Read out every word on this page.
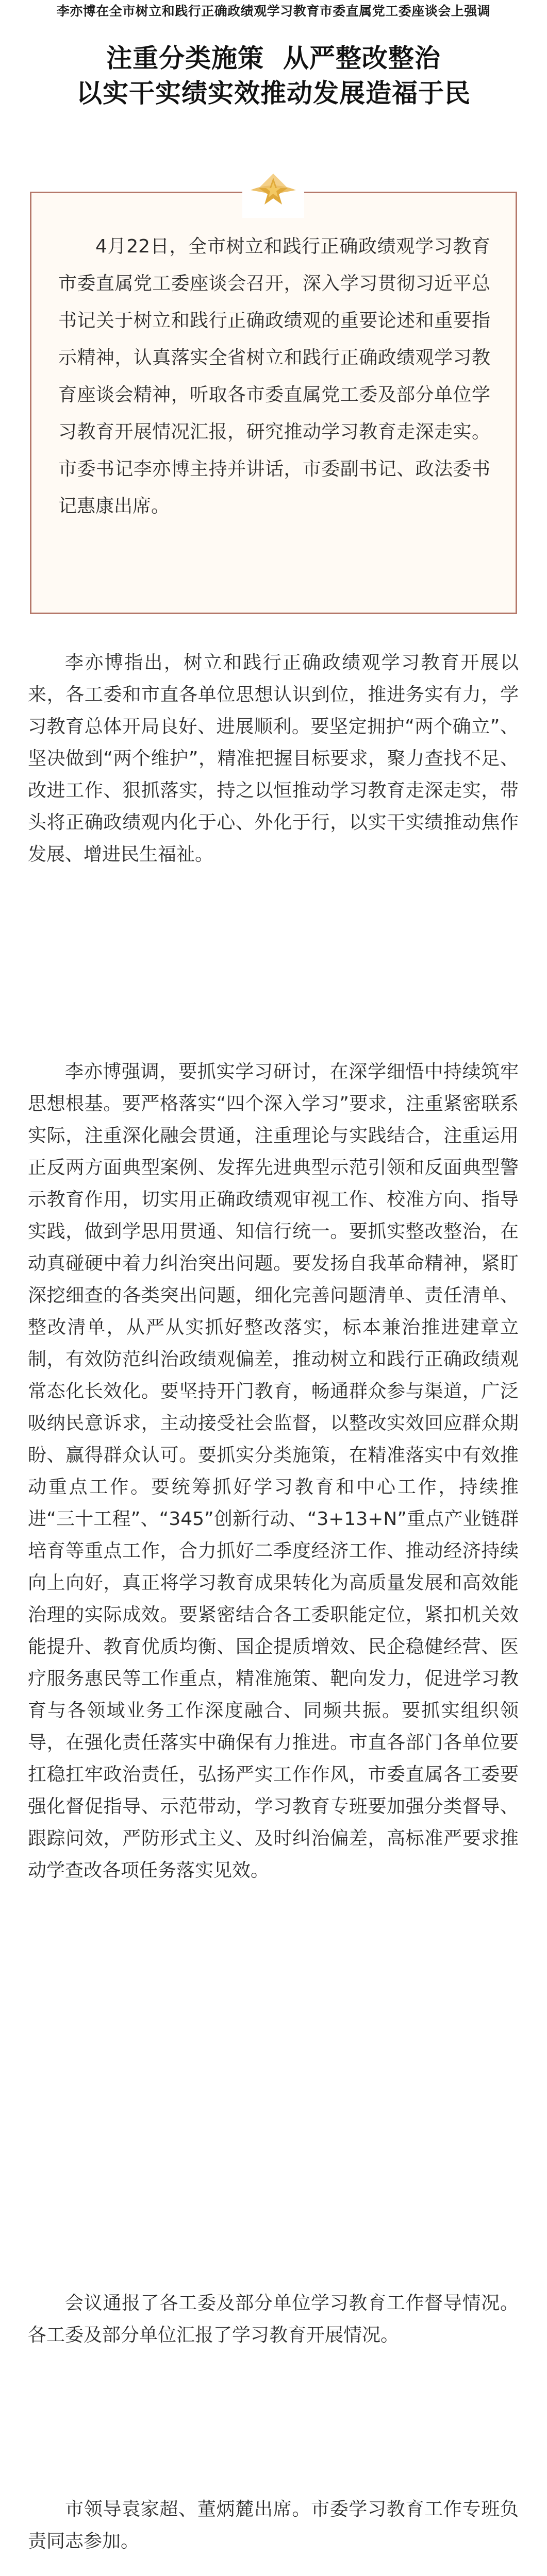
李亦博在全市树立和践行正确政绩观学习教育市委直属党工委座谈会上强调
注重分类施策  从严整改整治
以实干实绩实效推动发展造福于民

4月22日，全市树立和践行正确政绩观学习教育市委直属党工委座谈会召开，深入学习贯彻习近平总书记关于树立和践行正确政绩观的重要论述和重要指示精神，认真落实全省树立和践行正确政绩观学习教育座谈会精神，听取各市委直属党工委及部分单位学习教育开展情况汇报，研究推动学习教育走深走实。市委书记李亦博主持并讲话，市委副书记、政法委书记惠康出席。

李亦博指出，树立和践行正确政绩观学习教育开展以来，各工委和市直各单位思想认识到位，推进务实有力，学习教育总体开局良好、进展顺利。要坚定拥护“两个确立”、坚决做到“两个维护”，精准把握目标要求，聚力查找不足、改进工作、狠抓落实，持之以恒推动学习教育走深走实，带头将正确政绩观内化于心、外化于行，以实干实绩推动焦作发展、增进民生福祉。

李亦博强调，要抓实学习研讨，在深学细悟中持续筑牢思想根基。要严格落实“四个深入学习”要求，注重紧密联系实际，注重深化融会贯通，注重理论与实践结合，注重运用正反两方面典型案例、发挥先进典型示范引领和反面典型警示教育作用，切实用正确政绩观审视工作、校准方向、指导实践，做到学思用贯通、知信行统一。要抓实整改整治，在动真碰硬中着力纠治突出问题。要发扬自我革命精神，紧盯深挖细查的各类突出问题，细化完善问题清单、责任清单、整改清单，从严从实抓好整改落实，标本兼治推进建章立制，有效防范纠治政绩观偏差，推动树立和践行正确政绩观常态化长效化。要坚持开门教育，畅通群众参与渠道，广泛吸纳民意诉求，主动接受社会监督，以整改实效回应群众期盼、赢得群众认可。要抓实分类施策，在精准落实中有效推动重点工作。要统筹抓好学习教育和中心工作，持续推进“三十工程”、“345”创新行动、“3+13+N”重点产业链群培育等重点工作，合力抓好二季度经济工作、推动经济持续向上向好，真正将学习教育成果转化为高质量发展和高效能治理的实际成效。要紧密结合各工委职能定位，紧扣机关效能提升、教育优质均衡、国企提质增效、民企稳健经营、医疗服务惠民等工作重点，精准施策、靶向发力，促进学习教育与各领域业务工作深度融合、同频共振。要抓实组织领导，在强化责任落实中确保有力推进。市直各部门各单位要扛稳扛牢政治责任，弘扬严实工作作风，市委直属各工委要强化督促指导、示范带动，学习教育专班要加强分类督导、跟踪问效，严防形式主义、及时纠治偏差，高标准严要求推动学查改各项任务落实见效。

会议通报了各工委及部分单位学习教育工作督导情况。各工委及部分单位汇报了学习教育开展情况。

市领导袁家超、董炳麓出席。市委学习教育工作专班负责同志参加。
